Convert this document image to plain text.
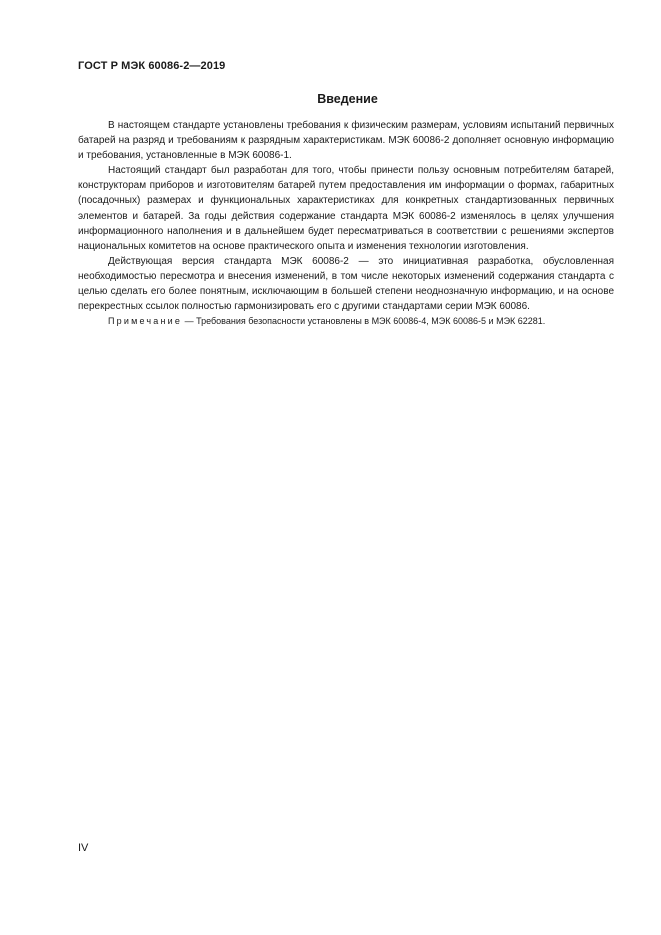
ГОСТ Р МЭК 60086-2—2019
Введение

В настоящем стандарте установлены требования к физическим размерам, условиям испытаний первичных батарей на разряд и требованиям к разрядным характеристикам. МЭК 60086-2 дополняет основную информацию и требования, установленные в МЭК 60086-1.

Настоящий стандарт был разработан для того, чтобы принести пользу основным потребителям батарей, конструкторам приборов и изготовителям батарей путем предоставления им информации о формах, габаритных (посадочных) размерах и функциональных характеристиках для конкретных стандартизованных первичных элементов и батарей. За годы действия содержание стандарта МЭК 60086-2 изменялось в целях улучшения информационного наполнения и в дальнейшем будет пересматриваться в соответствии с решениями экспертов национальных комитетов на основе практического опыта и изменения технологии изготовления.

Действующая версия стандарта МЭК 60086-2 — это инициативная разработка, обусловленная необходимостью пересмотра и внесения изменений, в том числе некоторых изменений содержания стандарта с целью сделать его более понятным, исключающим в большей степени неоднозначную информацию, и на основе перекрестных ссылок полностью гармонизировать его с другими стандартами серии МЭК 60086.

Примечание — Требования безопасности установлены в МЭК 60086-4, МЭК 60086-5 и МЭК 62281.

IV
